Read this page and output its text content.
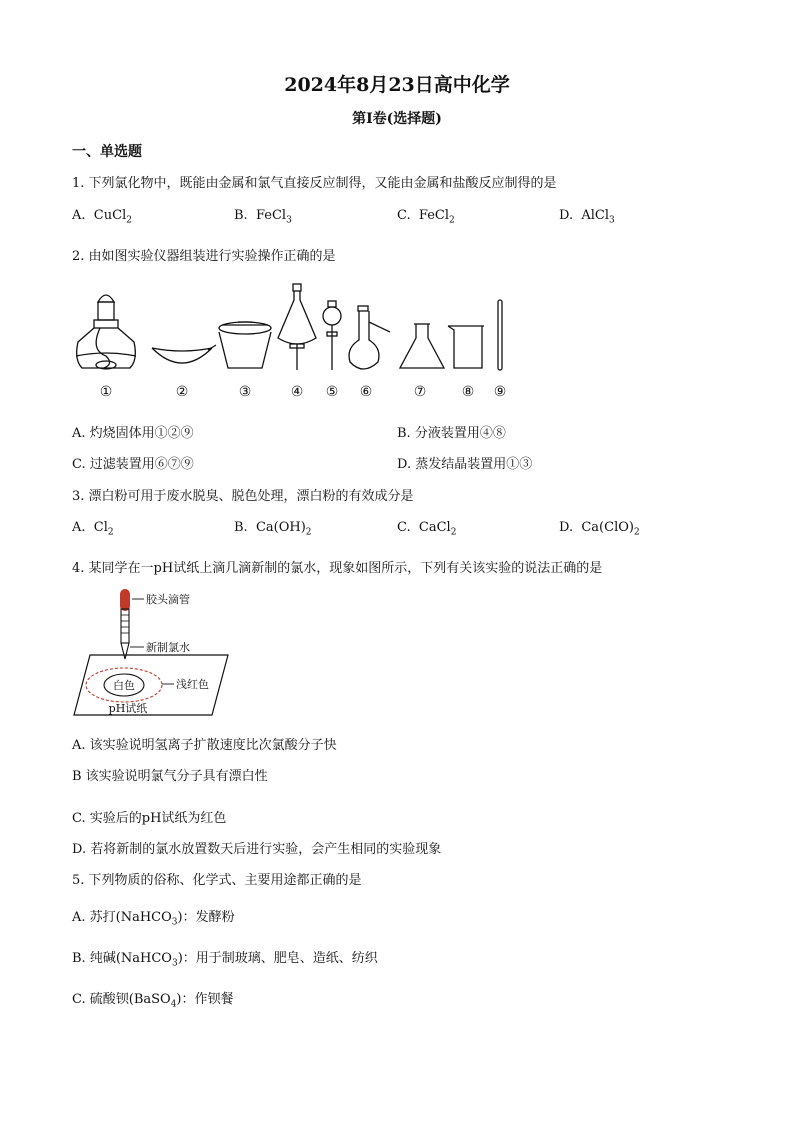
2024年8月23日高中化学
第I卷(选择题)
一、单选题
1. 下列氯化物中，既能由金属和氯气直接反应制得，又能由金属和盐酸反应制得的是
A. CuCl$_2$	B. FeCl$_3$	C. FeCl$_2$	D. AlCl$_3$
2. 由如图实验仪器组装进行实验操作正确的是
①	②	③	④ ⑤ ⑥	⑦	⑧ ⑨
A. 灼烧固体用①②⑨	B. 分液装置用④⑧
C. 过滤装置用⑥⑦⑨	D. 蒸发结晶装置用①③
3. 漂白粉可用于废水脱臭、脱色处理，漂白粉的有效成分是
A. $Cl_2$	B. $Ca(OH)_2$	C. CaCl$_2$	D. $Ca(ClO)_2$
4. 某同学在一pH试纸上滴几滴新制的氯水，现象如图所示，下列有关该实验的说法正确的是
胶头滴管
新制氯水
浅红色
白色
pH试纸
A. 该实验说明氢离子扩散速度比次氯酸分子快
B 该实验说明氯气分子具有漂白性
C. 实验后的pH试纸为红色
D. 若将新制的氯水放置数天后进行实验，会产生相同的实验现象
5. 下列物质的俗称、化学式、主要用途都正确的是
A. 苏打(NaHCO$_3$)：发酵粉
B. 纯碱(NaHCO$_3$)：用于制玻璃、肥皂、造纸、纺织
C. 硫酸钡(BaSO$_4$)：作钡餐
